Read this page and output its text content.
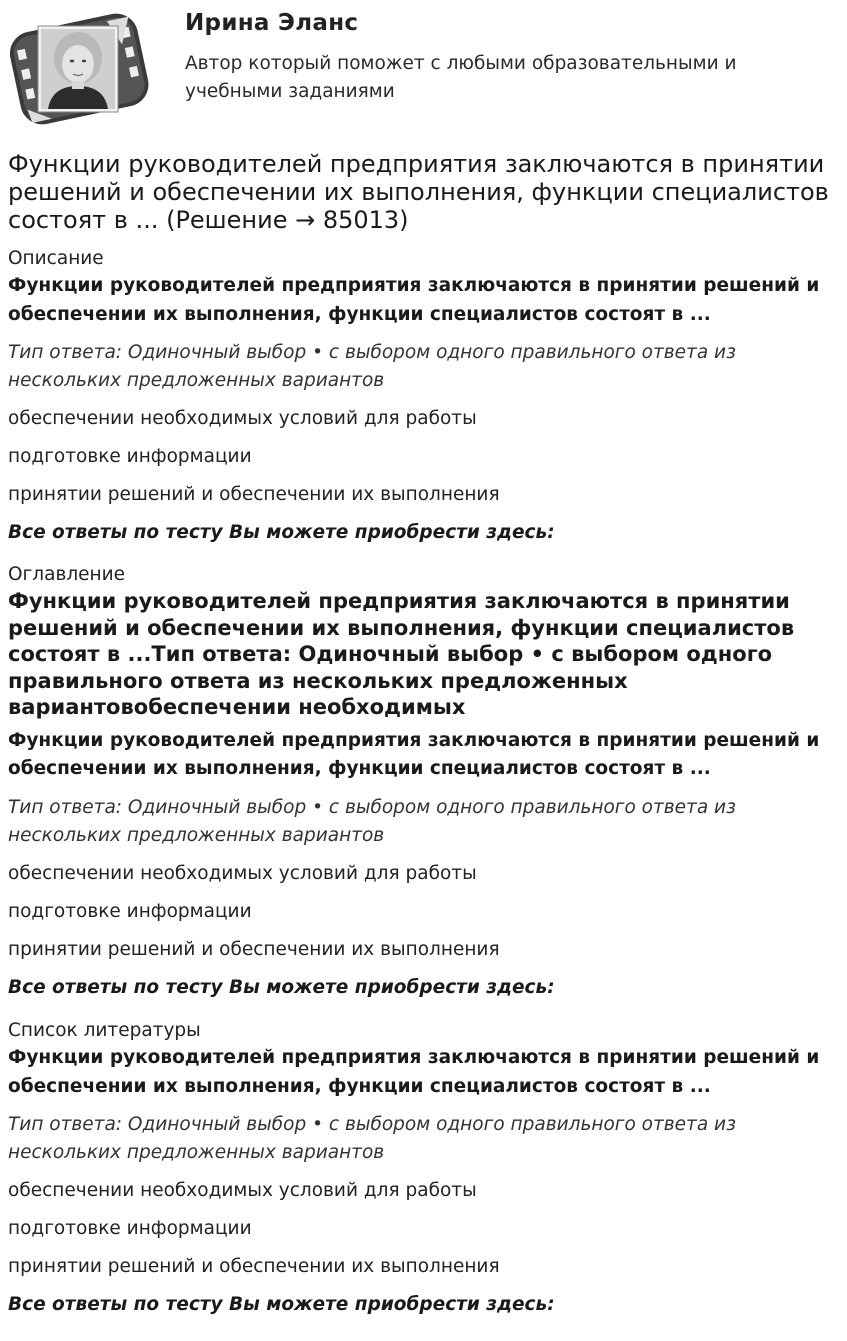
Ирина Эланс
Автор который поможет с любыми образовательными и учебными заданиями
Функции руководителей предприятия заключаются в принятии решений и обеспечении их выполнения, функции специалистов состоят в ... (Решение → 85013)
Описание
Функции руководителей предприятия заключаются в принятии решений и обеспечении их выполнения, функции специалистов состоят в ...
Тип ответа: Одиночный выбор • с выбором одного правильного ответа из нескольких предложенных вариантов
обеспечении необходимых условий для работы
подготовке информации
принятии решений и обеспечении их выполнения
Все ответы по тесту Вы можете приобрести здесь:
Оглавление
Функции руководителей предприятия заключаются в принятии решений и обеспечении их выполнения, функции специалистов состоят в ...Тип ответа: Одиночный выбор • с выбором одного правильного ответа из нескольких предложенных вариантовобеспечении необходимых
Функции руководителей предприятия заключаются в принятии решений и обеспечении их выполнения, функции специалистов состоят в ...
Тип ответа: Одиночный выбор • с выбором одного правильного ответа из нескольких предложенных вариантов
обеспечении необходимых условий для работы
подготовке информации
принятии решений и обеспечении их выполнения
Все ответы по тесту Вы можете приобрести здесь:
Список литературы
Функции руководителей предприятия заключаются в принятии решений и обеспечении их выполнения, функции специалистов состоят в ...
Тип ответа: Одиночный выбор • с выбором одного правильного ответа из нескольких предложенных вариантов
обеспечении необходимых условий для работы
подготовке информации
принятии решений и обеспечении их выполнения
Все ответы по тесту Вы можете приобрести здесь:
